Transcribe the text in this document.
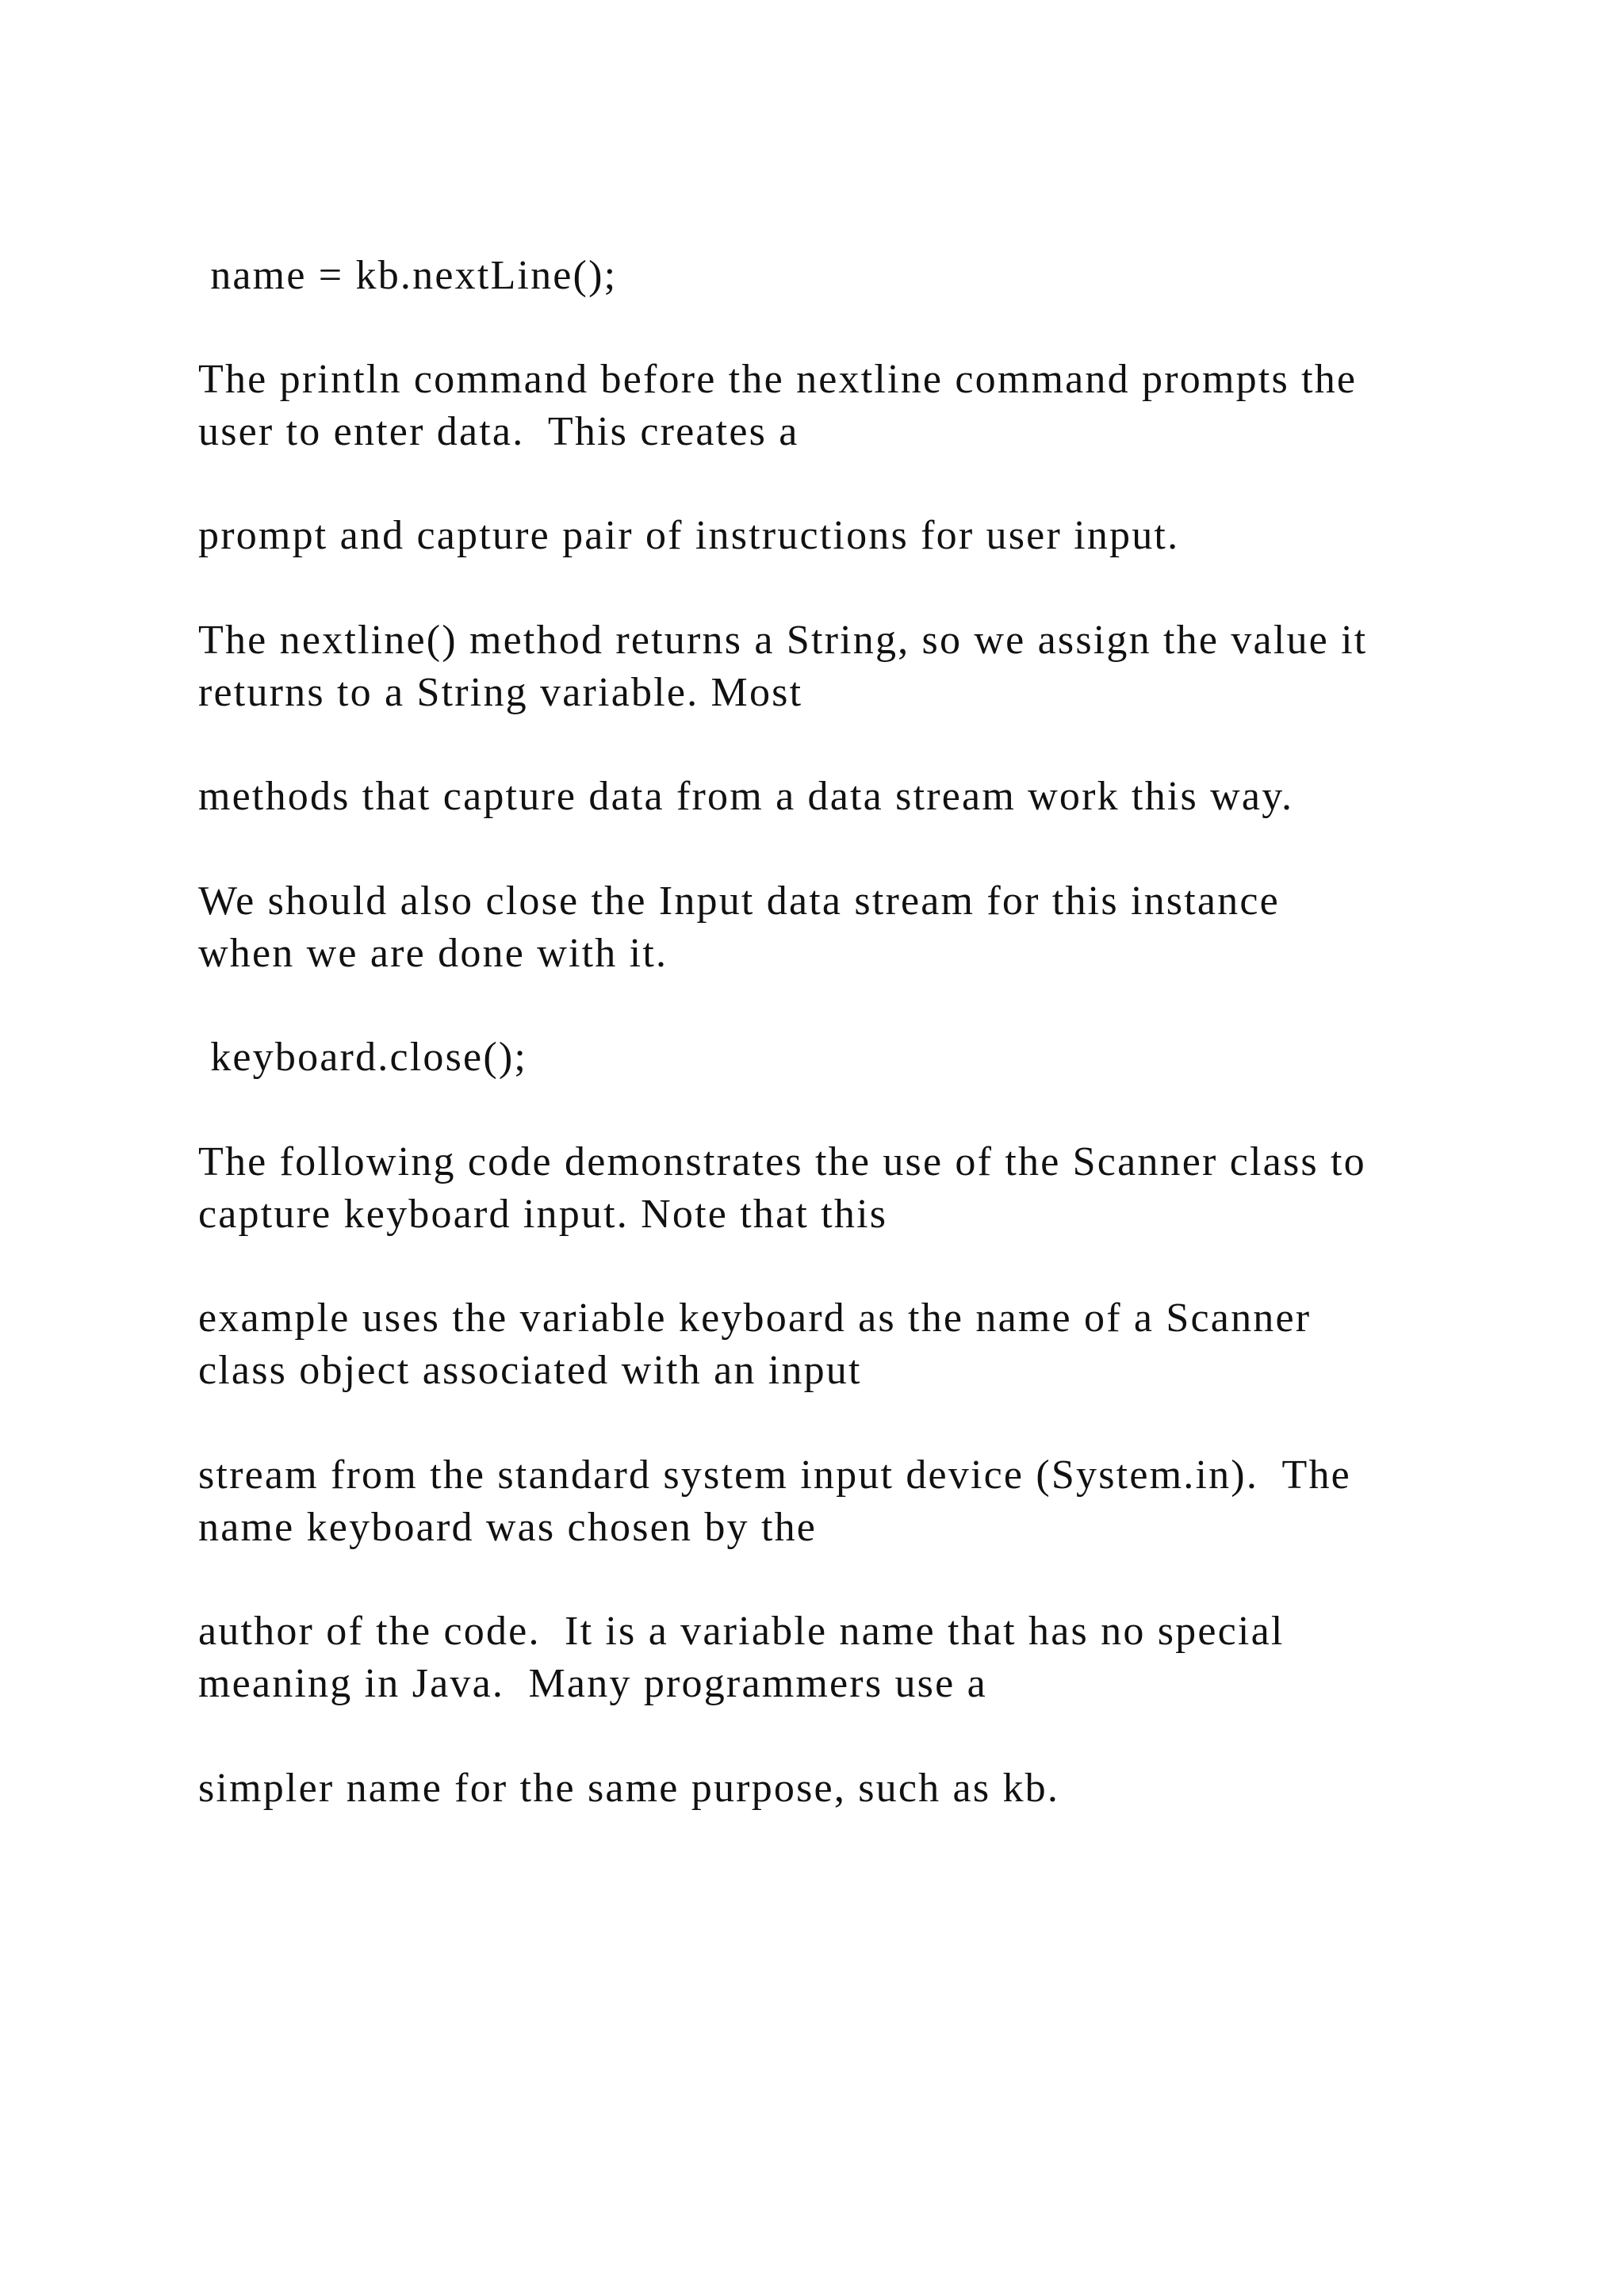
name = kb.nextLine();

The println command before the nextline command prompts the

user to enter data.  This creates a

prompt and capture pair of instructions for user input.

The nextline() method returns a String, so we assign the value it

returns to a String variable. Most

methods that capture data from a data stream work this way.

We should also close the Input data stream for this instance

when we are done with it.

keyboard.close();

The following code demonstrates the use of the Scanner class to

capture keyboard input. Note that this

example uses the variable keyboard as the name of a Scanner

class object associated with an input

stream from the standard system input device (System.in).  The

name keyboard was chosen by the

author of the code.  It is a variable name that has no special

meaning in Java.  Many programmers use a

simpler name for the same purpose, such as kb.
